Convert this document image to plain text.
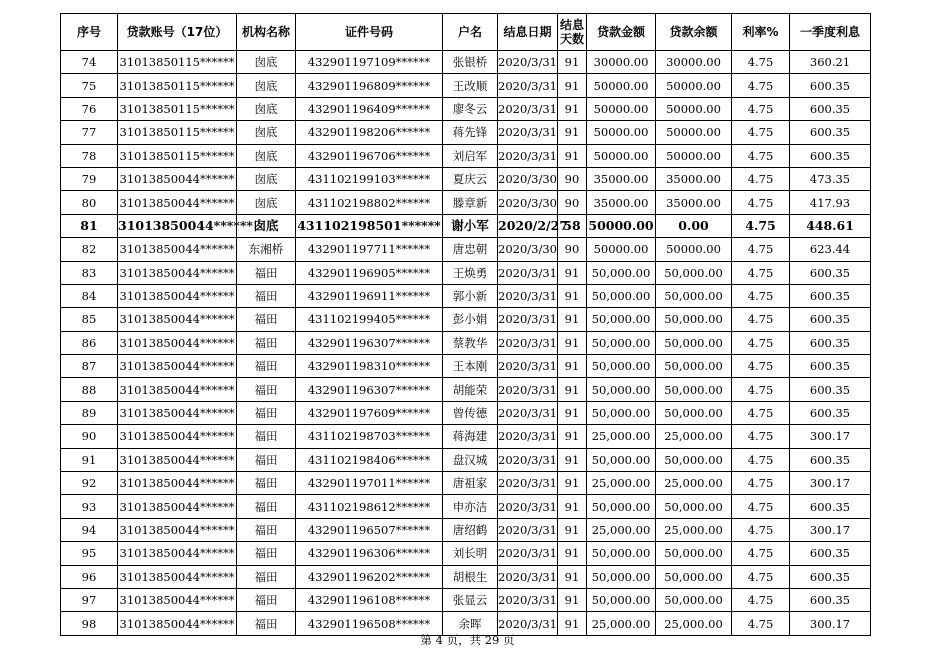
序号	贷款账号（17位）	机构名称	证件号码	户名	结息日期	结息天数	贷款金额	贷款余额	利率%	一季度利息
74	31013850115******	囱底	432901197109******	张银桥	2020/3/31	91	30000.00	30000.00	4.75	360.21
75	31013850115******	囱底	432901196809******	王改顺	2020/3/31	91	50000.00	50000.00	4.75	600.35
76	31013850115******	囱底	432901196409******	廖冬云	2020/3/31	91	50000.00	50000.00	4.75	600.35
77	31013850115******	囱底	432901198206******	蒋先锋	2020/3/31	91	50000.00	50000.00	4.75	600.35
78	31013850115******	囱底	432901196706******	刘启军	2020/3/31	91	50000.00	50000.00	4.75	600.35
79	31013850044******	囱底	431102199103******	夏庆云	2020/3/30	90	35000.00	35000.00	4.75	473.35
80	31013850044******	囱底	431102198802******	滕章新	2020/3/30	90	35000.00	35000.00	4.75	417.93
81	31013850044******	囱底	431102198501******	谢小军	2020/2/27	58	50000.00	0.00	4.75	448.61
82	31013850044******	东湘桥	432901197711******	唐忠朝	2020/3/30	90	50000.00	50000.00	4.75	623.44
83	31013850044******	福田	432901196905******	王焕勇	2020/3/31	91	50,000.00	50,000.00	4.75	600.35
84	31013850044******	福田	432901196911******	郭小新	2020/3/31	91	50,000.00	50,000.00	4.75	600.35
85	31013850044******	福田	431102199405******	彭小娟	2020/3/31	91	50,000.00	50,000.00	4.75	600.35
86	31013850044******	福田	432901196307******	蔡教华	2020/3/31	91	50,000.00	50,000.00	4.75	600.35
87	31013850044******	福田	432901198310******	王本刚	2020/3/31	91	50,000.00	50,000.00	4.75	600.35
88	31013850044******	福田	432901196307******	胡能荣	2020/3/31	91	50,000.00	50,000.00	4.75	600.35
89	31013850044******	福田	432901197609******	曾传德	2020/3/31	91	50,000.00	50,000.00	4.75	600.35
90	31013850044******	福田	431102198703******	蒋海建	2020/3/31	91	25,000.00	25,000.00	4.75	300.17
91	31013850044******	福田	431102198406******	盘汉城	2020/3/31	91	50,000.00	50,000.00	4.75	600.35
92	31013850044******	福田	432901197011******	唐祖家	2020/3/31	91	25,000.00	25,000.00	4.75	300.17
93	31013850044******	福田	431102198612******	申亦洁	2020/3/31	91	50,000.00	50,000.00	4.75	600.35
94	31013850044******	福田	432901196507******	唐绍鹤	2020/3/31	91	25,000.00	25,000.00	4.75	300.17
95	31013850044******	福田	432901196306******	刘长明	2020/3/31	91	50,000.00	50,000.00	4.75	600.35
96	31013850044******	福田	432901196202******	胡根生	2020/3/31	91	50,000.00	50,000.00	4.75	600.35
97	31013850044******	福田	432901196108******	张显云	2020/3/31	91	50,000.00	50,000.00	4.75	600.35
98	31013850044******	福田	432901196508******	余晖	2020/3/31	91	25,000.00	25,000.00	4.75	300.17
第 4 页，共 29 页
